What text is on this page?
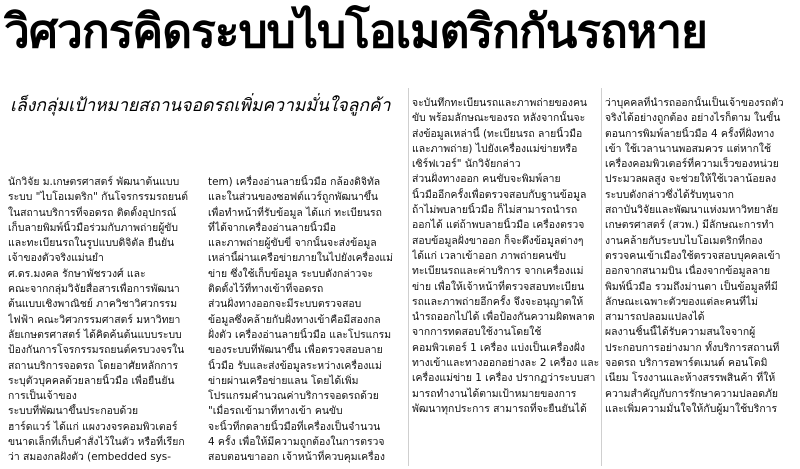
วิศวกรคิดระบบไบโอเมตริกกันรถหาย
เล็งกลุ่มเป้าหมายสถานจอดรถเพิ่มความมั่นใจลูกค้า

นักวิจัย ม.เกษตรศาสตร์ พัฒนาต้นแบบ

ระบบ "ไบโอเมตริก" กันโจรกรรมรถยนต์

ในสถานบริการที่จอดรถ ติดตั้งอุปกรณ์

เก็บลายพิมพ์นิ้วมือร่วมกับภาพถ่ายผู้ขับ

และทะเบียนรถในรูปแบบดิจิตัล ยืนยัน

เจ้าของตัวจริงแม่นยำ

ศ.ดร.มงคล รักษาพัชรวงศ์ และ

คณะจากกลุ่มวิจัยสื่อสารเพื่อการพัฒนา

ต้นแบบเชิงพาณิชย์ ภาควิชาวิศวกรรม

ไฟฟ้า คณะวิศวกรรมศาสตร์ มหาวิทยา

ลัยเกษตรศาสตร์ ได้คิดค้นต้นแบบระบบ

ป้องกันการโจรกรรมรถยนต์ครบวงจรใน

สถานบริการจอดรถ โดยอาศัยหลักการ

ระบุตัวบุคคลด้วยลายนิ้วมือ เพื่อยืนยัน

การเป็นเจ้าของ

ระบบที่พัฒนาขึ้นประกอบด้วย

ฮาร์ดแวร์ ได้แก่ แผงวงจรคอมพิวเตอร์

ขนาดเล็กที่เก็บคำสั่งไว้ในตัว หรือที่เรียก

ว่า สมองกลฝังตัว (embedded sys-

tem) เครื่องอ่านลายนิ้วมือ กล้องดิจิทัล

และในส่วนของซอฟต์แวร์ถูกพัฒนาขึ้น

เพื่อทำหน้าที่รับข้อมูล ได้แก่ ทะเบียนรถ

ที่ได้จากเครื่องอ่านลายนิ้วมือ

และภาพถ่ายผู้ขับขี่ จากนั้นจะส่งข้อมูล

เหล่านี้ผ่านเครือข่ายภายในไปยังเครื่องแม่

ข่าย ซึ่งใช้เก็บข้อมูล ระบบดังกล่าวจะ

ติดตั้งไว้ที่ทางเข้าที่จอดรถ

ส่วนฝั่งทางออกจะมีระบบตรวจสอบ

ข้อมูลซึ่งคล้ายกับฝั่งทางเข้าคือมีสองกล

ฝั่งตัว เครื่องอ่านลายนิ้วมือ และโปรแกรม

ของระบบที่พัฒนาขึ้น เพื่อตรวจสอบลาย

นิ้วมือ รับและส่งข้อมูลระหว่างเครื่องแม่

ข่ายผ่านเครือข่ายแลน โดยได้เพิ่ม

โปรแกรมคำนวณค่าบริการจอดรถด้วย

"เมื่อรถเข้ามาที่ทางเข้า คนขับ

จะนิ้วที่กดลายนิ้วมือที่เครื่องเป็นจำนวน

4 ครั้ง เพื่อให้มีความถูกต้องในการตรวจ

สอบตอนขาออก เจ้าหน้าที่ควบคุมเครื่อง

จะบันทึกทะเบียนรถและภาพถ่ายของคน

ขับ พร้อมลักษณะของรถ หลังจากนั้นจะ

ส่งข้อมูลเหล่านี้ (ทะเบียนรถ ลายนิ้วมือ

และภาพถ่าย) ไปยังเครื่องแม่ข่ายหรือ

เซิร์ฟเวอร์" นักวิจัยกล่าว

ส่วนฝั่งทางออก คนขับจะพิมพ์ลาย

นิ้วมืออีกครั้งเพื่อตรวจสอบกับฐานข้อมูล

ถ้าไม่พบลายนิ้วมือ ก็ไม่สามารถนำรถ

ออกได้ แต่ถ้าพบลายนิ้วมือ เครื่องตรวจ

สอบข้อมูลฝั่งขาออก ก็จะดึงข้อมูลต่างๆ

ได้แก่ เวลาเข้าออก ภาพถ่ายคนขับ

ทะเบียนรถและค่าบริการ จากเครื่องแม่

ข่าย เพื่อให้เจ้าหน้าที่ตรวจสอบทะเบียน

รถและภาพถ่ายอีกครั้ง จึงจะอนุญาตให้

นำรถออกไปได้ เพื่อป้องกันความผิดพลาด

จากการทดสอบใช้งานโดยใช้

คอมพิวเตอร์ 1 เครื่อง แบ่งเป็นเครื่องฝั่ง

ทางเข้าและทางออกอย่างละ 2 เครื่อง และ

เครื่องแม่ข่าย 1 เครื่อง ปรากฏว่าระบบสา

มารถทำงานได้ตามเป้าหมายของการ

พัฒนาทุกประการ สามารถที่จะยืนยันได้

ว่าบุคคลที่นำรถออกนั้นเป็นเจ้าของรถตัว

จริงได้อย่างถูกต้อง อย่างไรก็ตาม ในขั้น

ตอนการพิมพ์ลายนิ้วมือ 4 ครั้งที่ฝั่งทาง

เข้า ใช้เวลานานพอสมควร แต่หากใช้

เครื่องคอมพิวเตอร์ที่ความเร็วของหน่วย

ประมวลผลสูง จะช่วยให้ใช้เวลาน้อยลง

ระบบดังกล่าวซึ่งได้รับทุนจาก

สถาบันวิจัยและพัฒนาแห่งมหาวิทยาลัย

เกษตรศาสตร์ (สวพ.) มีลักษณะการทำ

งานคล้ายกับระบบไบโอเมตริกที่กอง

ตรวจคนเข้าเมืองใช้ตรวจสอบบุคคลเข้า

ออกจากสนามบิน เนื่องจากข้อมูลลาย

พิมพ์นิ้วมือ รวมถึงม่านตา เป็นข้อมูลที่มี

ลักษณะเฉพาะตัวของแต่ละคนที่ไม่

สามารถปลอมแปลงได้

ผลงานชิ้นนี้ได้รับความสนใจจากผู้

ประกอบการอย่างมาก ทั้งบริการสถานที่

จอดรถ บริการอพาร์ตเมนต์ คอนโดมิ

เนียม โรงงานและห้างสรรพสินค้า ที่ให้

ความสำคัญกับการรักษาความปลอดภัย

และเพิ่มความมั่นใจให้กับผู้มาใช้บริการ
